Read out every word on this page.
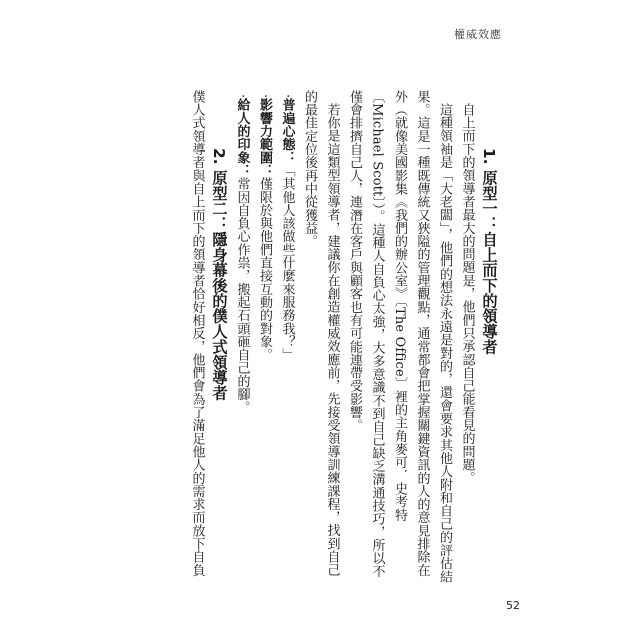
權威效應
1. 原型一：自上而下的領導者

自上而下的領導者最大的問題是，他們只承認自己能看見的問題。

這種領袖是「大老闆」，他們的想法永遠是對的，還會要求其他人附和自己的評估結果。這是一種既傳統又狹隘的管理觀點，通常都會把掌握關鍵資訊的人的意見排除在外（就像美國影集《我們的辦公室》〔The Office〕裡的主角麥可．史考特〔Michael Scott〕）。這種人自負心太強，大多意識不到自己缺乏溝通技巧，所以不僅會排擠自己人，連潛在客戶與顧客也有可能連帶受影響。

若你是這類型領導者，建議你在創造權威效應前，先接受領導訓練課程，找到自己的最佳定位後再中從獲益。

‧普遍心態：「其他人該做些什麼來服務我？」
‧影響力範圍：僅限於與他們直接互動的對象。
‧給人的印象：常因自負心作祟，搬起石頭砸自己的腳。
2. 原型二：隱身幕後的僕人式領導者

僕人式領導者與自上而下的領導者恰好相反，他們會為了滿足他人的需求而放下自負

52
